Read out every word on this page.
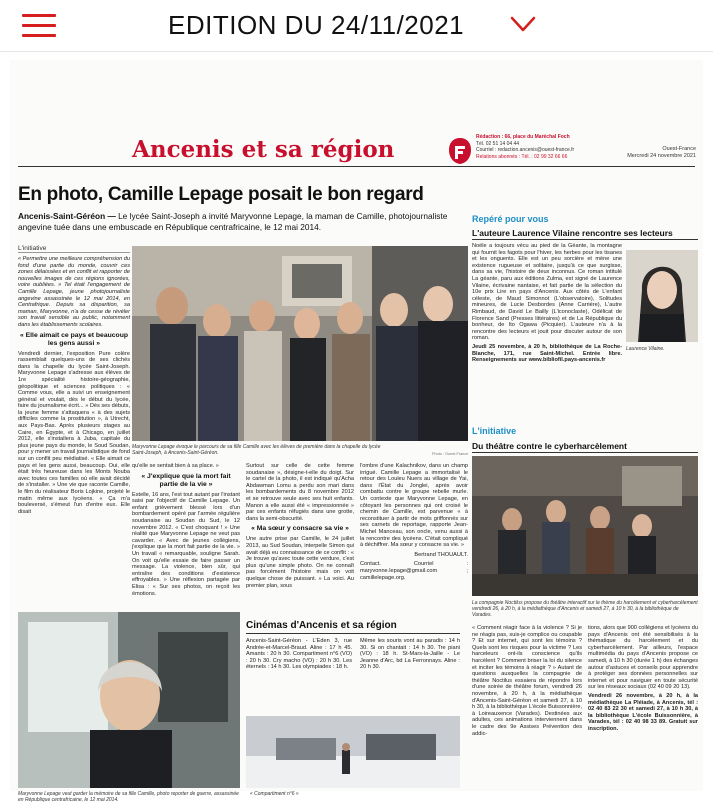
EDITION DU 24/11/2021
Ancenis et sa région	Rédaction : 66, place du Maréchal Foch
Tél. 02 51 14 04 44
Courriel : redaction.ancenis@ouest-france.fr
Relations abonnés : Tél. : 02 99 32 66 66
Ouest-France
Mercredi 24 novembre 2021
En photo, Camille Lepage posait le bon regard
Ancenis-Saint-Géréon — Le lycée Saint-Joseph a invité Maryvonne Lepage, la maman de Camille, photojournaliste angevine tuée dans une embuscade en République centrafricaine, le 12 mai 2014.
L'initiative
« Permettre une meilleure compréhension du fond d'une partie du monde, couvrir ces zones délaissées et en conflit et rapporter de nouvelles images de ces régions ignorées, voire oubliées. » Tel était l'engagement de Camille Lepage, jeune photojournaliste angevine assassinée le 12 mai 2014, en Centrafrique. Depuis sa disparition, sa maman, Maryvonne, n'a de cesse de révéler son travail sensible au public, notamment dans les établissements scolaires.
« Elle aimait ce pays et beaucoup les gens aussi »
Vendredi dernier, l'exposition Pure colère rassemblait quelques-uns de ses clichés dans la chapelle du lycée Saint-Joseph. Maryvonne Lepage s'adresse aux élèves de 1re spécialité histoire-géographie, géopolitique et sciences politiques : « Comme vous, elle a suivi un enseignement général et voulait, dès le début du lycée, faire du journalisme écrit... » Dès ses débuts, la jeune femme s'attaquera « à des sujets difficiles comme la prostitution », à Utrecht, aux Pays-Bas. Après plusieurs stages au Caire, en Égypte, et à Chicago, en juillet 2012, elle s'installera à Juba, capitale du plus jeune pays du monde, le Soud Soudan, pour y mener un travail journalistique de fond sur un conflit peu médiatisé. « Elle aimait ce pays et les gens aussi, beaucoup. Oui, elle était très heureuse dans les Monts Nouba avec toutes ces familles où elle avait décidé de s'installer. » Une vie que raconte Camille, le film du réalisateur Boris Lojkine, projeté le matin même aux lycéens. « Ça m'a bouleversé, s'émeut l'un d'entre eux. Elle disait
Maryvonne Lepage évoque le parcours de sa fille Camille avec les élèves de première dans la chapelle du lycée Saint-Joseph, à Ancenis-Saint-Géréon.	Photo : Ouest-France
qu'elle se sentait bien à sa place. »
« J'explique que la mort fait partie de la vie »
Estelle, 16 ans, l'est tout autant par l'instant saisi par l'objectif de Camille Lepage. Un enfant grièvement blessé lors d'un bombardement opéré par l'armée régulière soudanaise au Soudan du Sud, le 12 novembre 2012. « C'est choquant ! » Une réalité que Maryvonne Lepage ne veut pas cavarder. « Avec de jeunes collégiens, j'explique que la mort fait partie de la vie. » Un travail « remarquable, souligne Sarah. On voit qu'elle essaie de faire passer un message. La violence, bien sûr, qui entraîne des conditions d'existence effroyables. » Une réflexion partagée par Elisa : « Sur ses photos, on reçoit les émotions.
Surtout sur celle de cette femme soudanaise », désigne-t-elle du doigt. Sur le cartel de la photo, il est indiqué qu'Acha Abdawman Lomu a perdu son mari dans les bombardements du 8 novembre 2012 et se retrouve seule avec ses huit enfants. Manon a elle aussi été « impressionnée » par ces enfants réfugiés dans une grotte, dans la semi-obscurité.
« Ma sœur y consacre sa vie »
Une autre prise par Camille, le 24 juillet 2013, au Sud Soudan, interpelle Simon qui avait déjà eu connaissance de ce conflit : « Je trouve qu'avec toute cette verdure, c'est plus qu'une simple photo. On ne connaît pas forcément l'histoire mais on voit quelque chose de puissant. » La voici. Au premier plan, sous
l'ombre d'une Kalachnikov, dans un champ irrigué. Camille Lepage a immortalisé le retour des Louleu Nuers au village de Yai, dans l'État du Jonglei, après avoir combattu contre le groupe rebelle murle. Un contexte que Maryvonne Lepage, en côtoyant les personnes qui ont croisé le chemin de Camille, est parvenue « à reconstituer à partir de mots griffonnés sur ses carnets de reportage, rapporte Jean-Michel Manceau, son oncle, venu aussi à la rencontre des lycéens. C'était compliqué à déchiffrer. Ma sœur y consacre sa vie. »
Bertrand THOUAULT.
Contact. Courriel : maryvonne.lepage@gmail.com ; camillelepage.org.
Maryvonne Lepage veut garder la mémoire de sa fille Camille, photo reporter de guerre, assassinée en République centrafricaine, le 12 mai 2014.
Cinémas d'Ancenis et sa région
Ancenis-Saint-Géréon - L'Eden 3, rue Andrée-et-Marcel-Braud. Aline : 17 h 45. Amants : 20 h 30. Compartiment n°6 (VO) : 20 h 30. Cry macho (VO) : 20 h 30. Les éternels : 14 h 30. Les olympiades : 18 h.
Même les souris vont au paradis : 14 h 30. Si on chantait : 14 h 30. Tre piani (VO) : 18 h. St-Mars-la-Jaille - Le Jeanne d'Arc, bd La Ferronnays. Aline : 20 h 30.
« Compartiment n°6 »
Repéré pour vous
L'auteure Laurence Vilaine rencontre ses lecteurs
Noële a toujours vécu au pied de la Géante, la montagne qui fournit les fagots pour l'hiver, les herbes pour les tisanes et les onguents. Elle est un peu sorcière et mène une existence rugueuse et solitaire, jusqu'à ce que surgisse, dans sa vie, l'histoire de deux inconnus. Ce roman intitulé La géante, paru aux éditions Zulma, est signé de Laurence Vilaine, écrivaine nantaise, et fait partie de la sélection du 10e prix Lire en pays d'Ancenis. Aux côtés de L'enfant céleste, de Maud Simonnot (L'observatoire), Solitudes mineures, de Lucie Desbordes (Anne Carrière), L'autre Rimbaud, de David Le Bailly (L'iconoclaste), Odélicat de Florence Sand (Presses littéraires) et de La République du bonheur, de Ito Ogawa (Picquier). L'auteure n'a à la rencontre des lecteurs et jouit pour discuter autour de son roman.
Jeudi 25 novembre, à 20 h, bibliothèque de La Roche-Blanche, 171, rue Saint-Michel. Entrée libre. Renseignements sur www.bibliofil.pays-ancenis.fr
Laurence Vilaine.
L'initiative
Du théâtre contre le cyberharcèlement
La compagnie Noctilus propose du théâtre interactif sur le thème du harcèlement et cyberharcèlement vendredi 26, à 20 h, à la médiathèque d'Ancenis et samedi 27, à 10 h 30, à la bibliothèque de Varades.
« Comment réagir face à la violence ? Si je ne réagis pas, suis-je complice ou coupable ? Et sur internet, qui sont les témoins ? Quels sont les risques pour la victime ? Les harceleurs ont-ils conscience qu'ils harcèlent ? Comment briser la loi du silence et inciter les témoins à réagir ? » Autant de questions auxquelles la compagnie de théâtre Noctilus essaiera de répondre lors d'une soirée de théâtre forum, vendredi 26 novembre, à 20 h, à la médiathèque d'Ancenis-Saint-Géréon et samedi 27, à 10 h 30, à la bibliothèque L'école Buissonnière, à Loireauxence (Varades). Destinées aux adultes, ces animations interviennent dans le cadre des 9e Assises Prévention des addic-
tions, alors que 900 collégiens et lycéens du pays d'Ancenis ont été sensibilisés à la thématique du harcèlement et du cyberharcèlement. Par ailleurs, l'espace multimédia du pays d'Ancenis propose ce samedi, à 10 h 30 (durée 1 h) des échanges autour d'astuces et conseils pour apprendre à protéger ses données personnelles sur internet et pour naviguer en toute sécurité sur les réseaux sociaux (02 40 09 20 13).
Vendredi 26 novembre, à 20 h, à la médiathèque La Pléiade, à Ancenis, tél : 02 40 83 22 30 et samedi 27, à 10 h 30, à la bibliothèque L'école Buissonnière, à Varades, tél : 02 40 98 33 89. Gratuit sur inscription.
